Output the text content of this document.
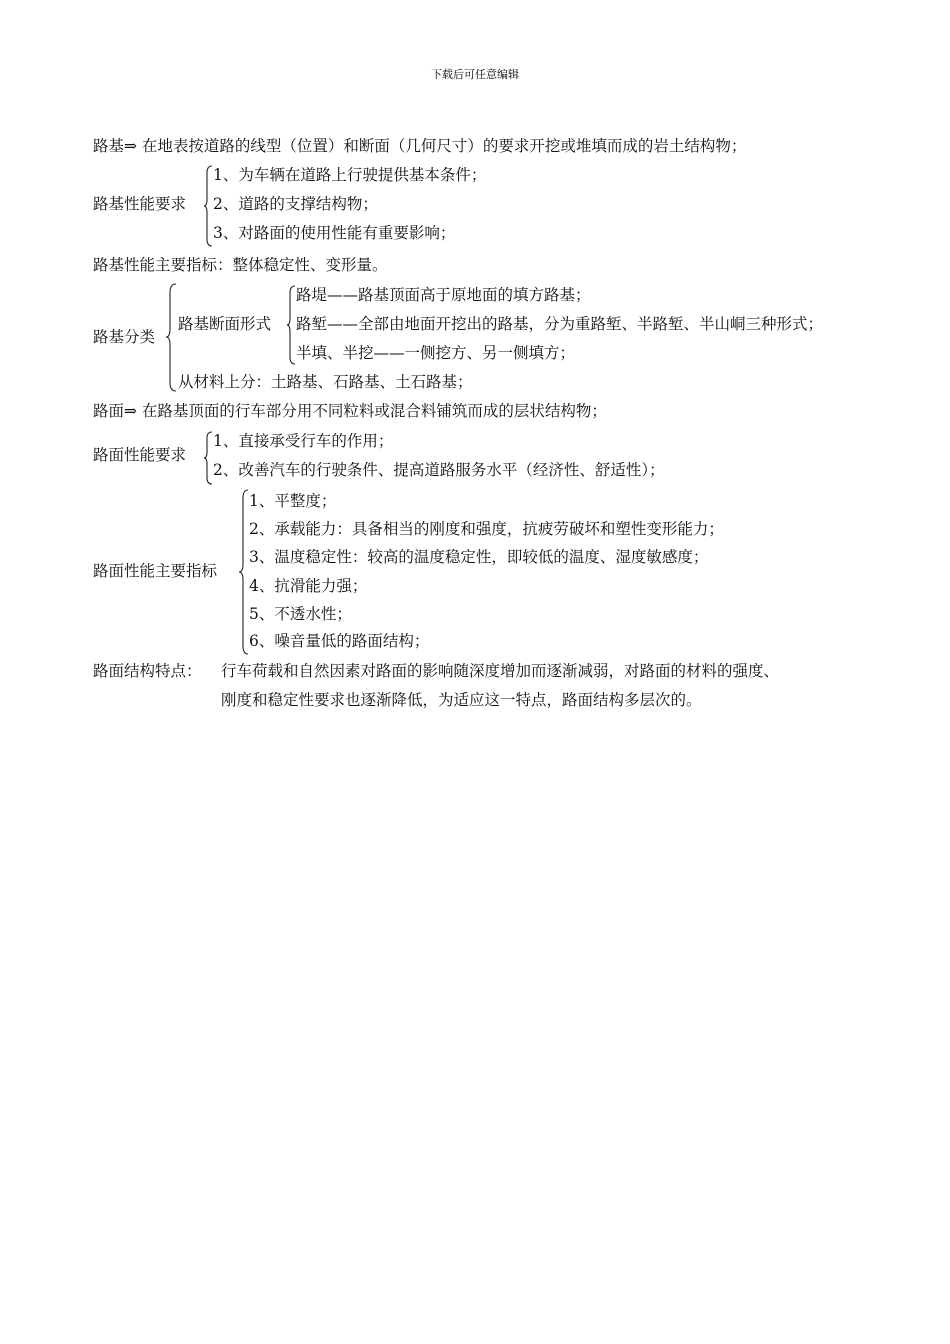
下载后可任意编辑
路基⇒ 在地表按道路的线型（位置）和断面（几何尺寸）的要求开挖或堆填而成的岩土结构物；
路基性能要求
1、为车辆在道路上行驶提供基本条件；
2、道路的支撑结构物；
3、对路面的使用性能有重要影响；
路基性能主要指标：整体稳定性、变形量。
路基分类
路基断面形式
路堤——路基顶面高于原地面的填方路基；
路堑——全部由地面开挖出的路基，分为重路堑、半路堑、半山峒三种形式；
半填、半挖——一侧挖方、另一侧填方；
从材料上分：土路基、石路基、土石路基；
路面⇒ 在路基顶面的行车部分用不同粒料或混合料铺筑而成的层状结构物；
路面性能要求
1、直接承受行车的作用；
2、改善汽车的行驶条件、提高道路服务水平（经济性、舒适性）；
路面性能主要指标
1、平整度；
2、承载能力：具备相当的刚度和强度，抗疲劳破坏和塑性变形能力；
3、温度稳定性：较高的温度稳定性，即较低的温度、湿度敏感度；
4、抗滑能力强；
5、不透水性；
6、噪音量低的路面结构；
路面结构特点： 行车荷载和自然因素对路面的影响随深度增加而逐渐减弱，对路面的材料的强度、
刚度和稳定性要求也逐渐降低，为适应这一特点，路面结构多层次的。
